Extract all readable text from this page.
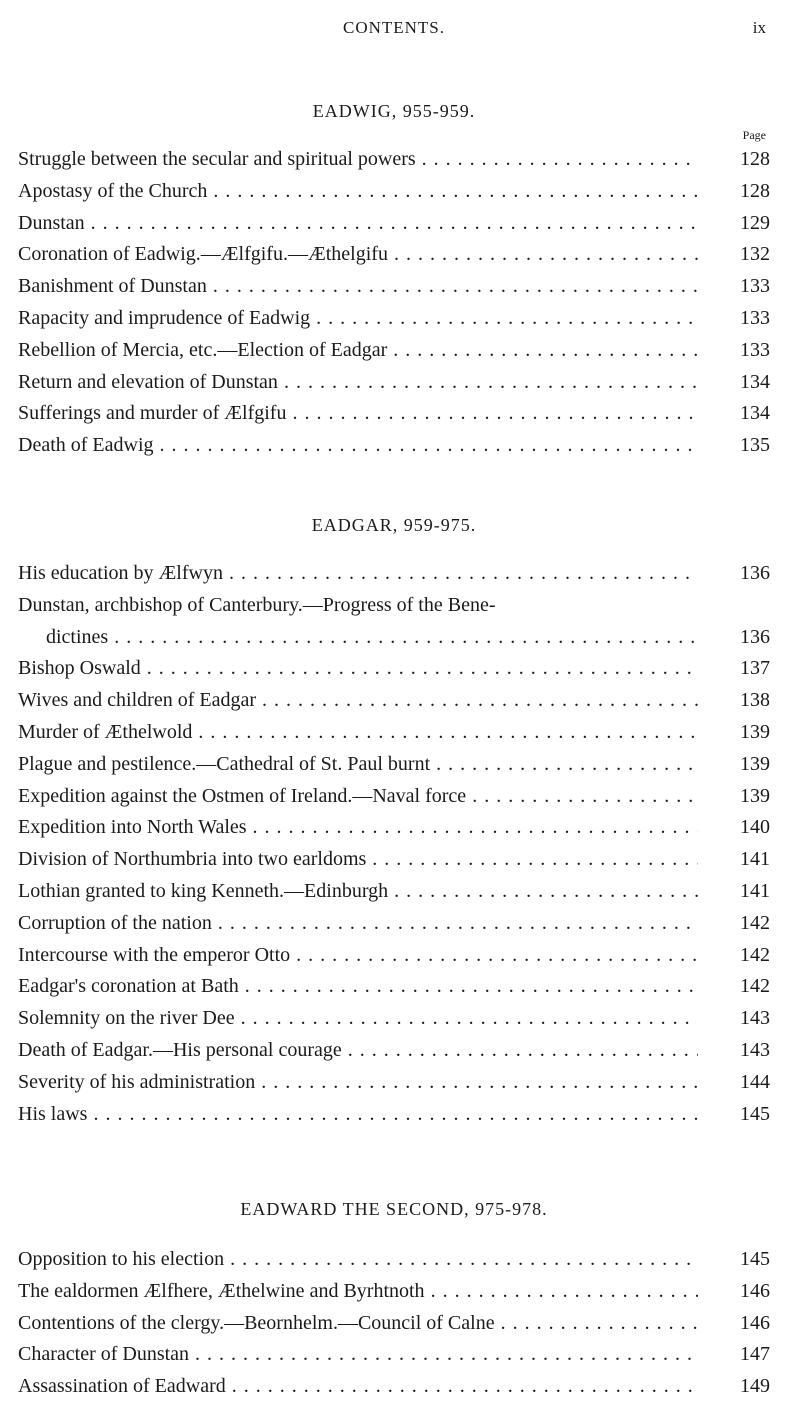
CONTENTS.	ix
EADWIG, 955-959.
Page
Struggle between the secular and spiritual powers . . .	128
Apostasy of the Church . . .	128
Dunstan . . .	129
Coronation of Eadwig.—Ælfgifu.—Æthelgifu . . .	132
Banishment of Dunstan . . .	133
Rapacity and imprudence of Eadwig . . .	133
Rebellion of Mercia, etc.—Election of Eadgar . . .	133
Return and elevation of Dunstan . . .	134
Sufferings and murder of Ælfgifu . . .	134
Death of Eadwig . . .	135
EADGAR, 959-975.
His education by Ælfwyn . . .	136
Dunstan, archbishop of Canterbury.—Progress of the Bene-
dictines . . .	136
Bishop Oswald . . .	137
Wives and children of Eadgar . . .	138
Murder of Æthelwold . . .	139
Plague and pestilence.—Cathedral of St. Paul burnt . . .	139
Expedition against the Ostmen of Ireland.—Naval force . . .	139
Expedition into North Wales . . .	140
Division of Northumbria into two earldoms . . .	141
Lothian granted to king Kenneth.—Edinburgh . . .	141
Corruption of the nation . . .	142
Intercourse with the emperor Otto . . .	142
Eadgar's coronation at Bath . . .	142
Solemnity on the river Dee . . .	143
Death of Eadgar.—His personal courage . . .	143
Severity of his administration . . .	144
His laws . . .	145
EADWARD THE SECOND, 975-978.
Opposition to his election . . .	145
The ealdormen Ælfhere, Æthelwine and Byrhtnoth . . .	146
Contentions of the clergy.—Beornhelm.—Council of Calne . . .	146
Character of Dunstan . . .	147
Assassination of Eadward . . .	149
